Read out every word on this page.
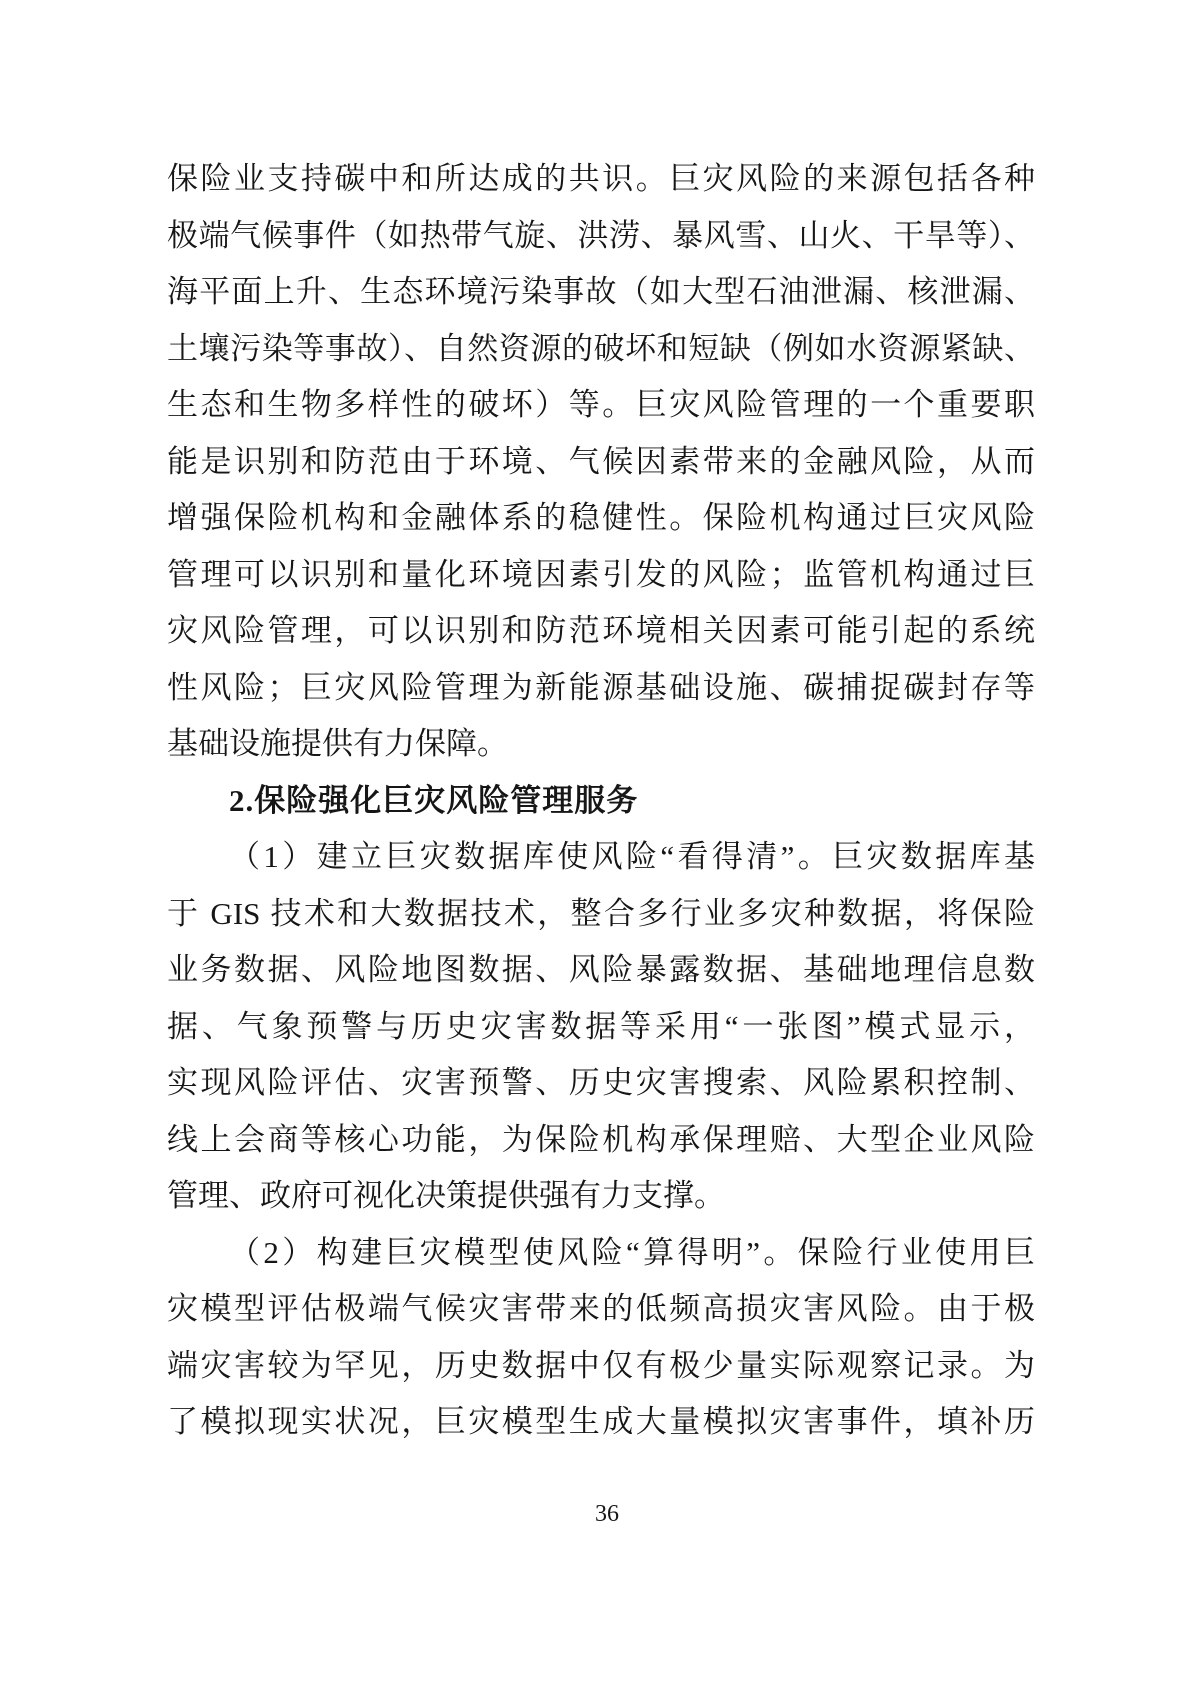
保险业支持碳中和所达成的共识。巨灾风险的来源包括各种
极端气候事件（如热带气旋、洪涝、暴风雪、山火、干旱等）、
海平面上升、生态环境污染事故（如大型石油泄漏、核泄漏、
土壤污染等事故）、自然资源的破坏和短缺（例如水资源紧缺、
生态和生物多样性的破坏）等。巨灾风险管理的一个重要职
能是识别和防范由于环境、气候因素带来的金融风险，从而
增强保险机构和金融体系的稳健性。保险机构通过巨灾风险
管理可以识别和量化环境因素引发的风险；监管机构通过巨
灾风险管理，可以识别和防范环境相关因素可能引起的系统
性风险；巨灾风险管理为新能源基础设施、碳捕捉碳封存等
基础设施提供有力保障。
2.保险强化巨灾风险管理服务
（1）建立巨灾数据库使风险“看得清”。巨灾数据库基
于 GIS 技术和大数据技术，整合多行业多灾种数据，将保险
业务数据、风险地图数据、风险暴露数据、基础地理信息数
据、气象预警与历史灾害数据等采用“一张图”模式显示，
实现风险评估、灾害预警、历史灾害搜索、风险累积控制、
线上会商等核心功能，为保险机构承保理赔、大型企业风险
管理、政府可视化决策提供强有力支撑。
（2）构建巨灾模型使风险“算得明”。保险行业使用巨
灾模型评估极端气候灾害带来的低频高损灾害风险。由于极
端灾害较为罕见，历史数据中仅有极少量实际观察记录。为
了模拟现实状况，巨灾模型生成大量模拟灾害事件，填补历
36
